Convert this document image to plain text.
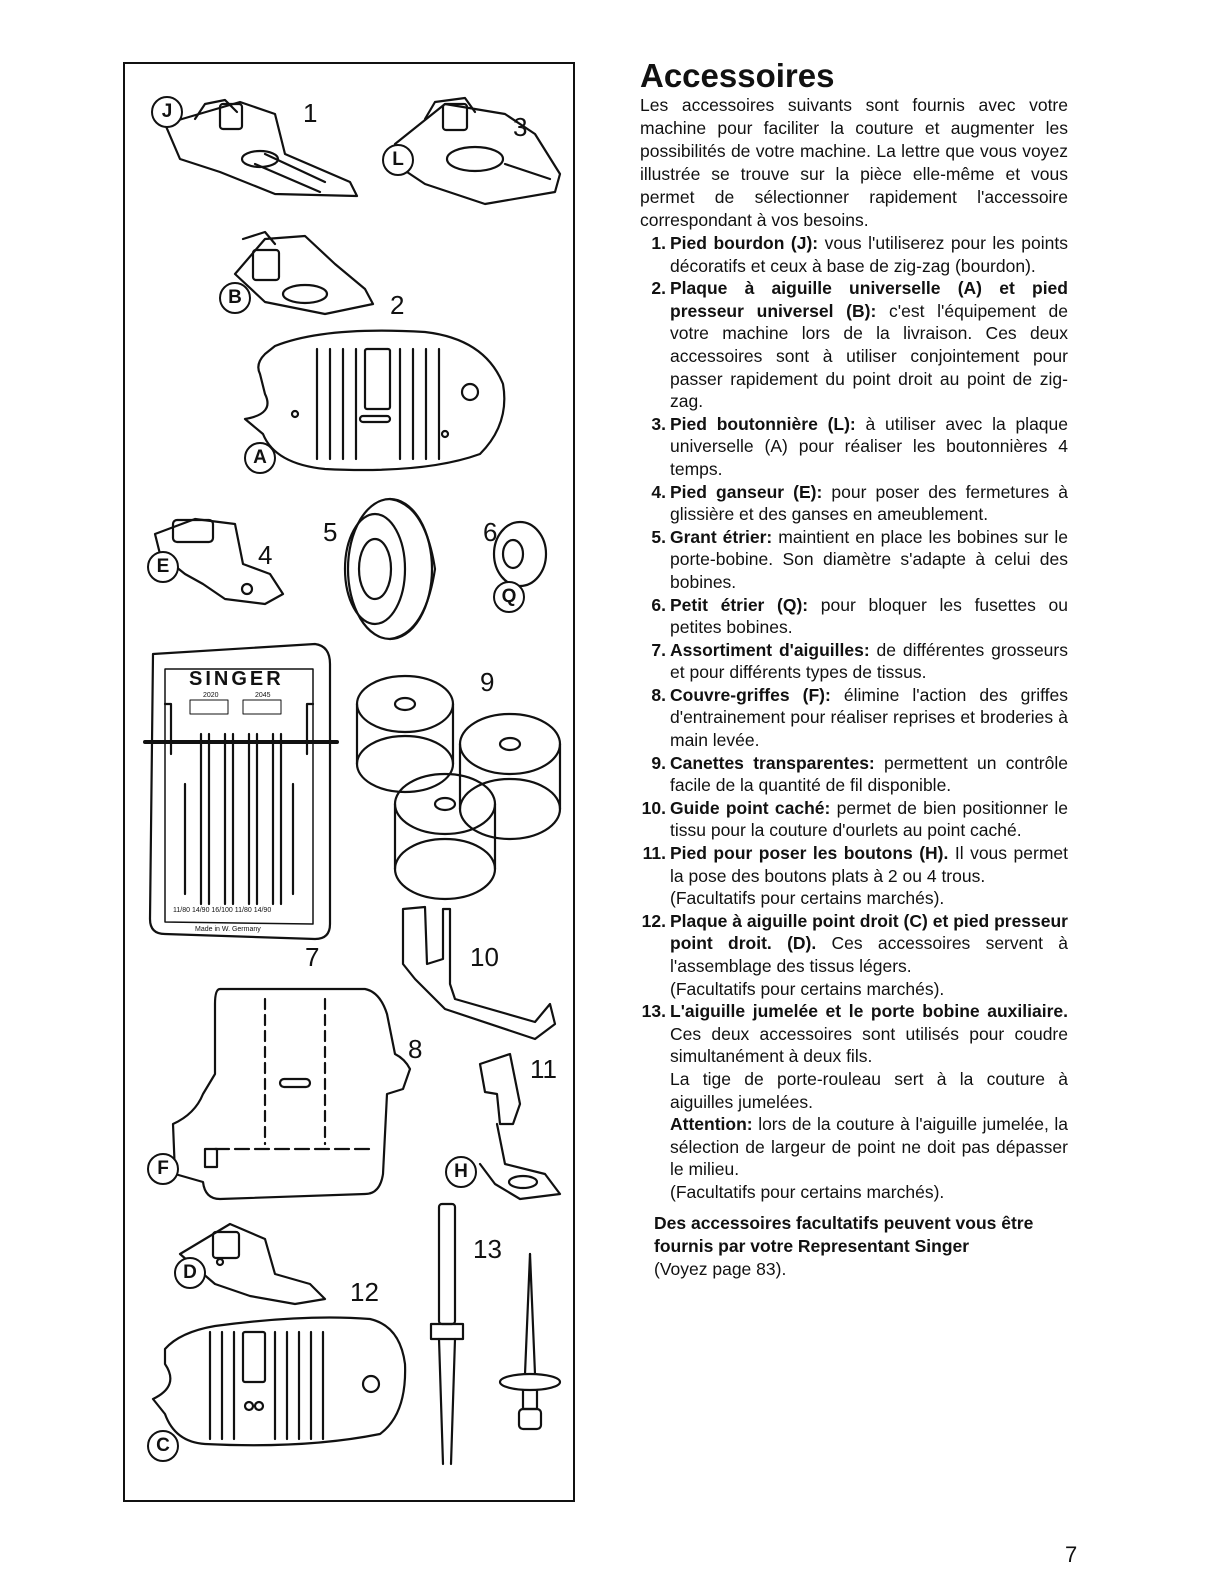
1	3
2
5	6
4
9
7	10
8
11
13
12
J
L
B
A
E
Q
F	H
D
C
SINGER
2020	2045
11/80 14/90 16/100 11/80 14/90
Made in W. Germany
Accessoires

Les accessoires suivants sont fournis avec votre machine pour faciliter la couture et augmenter les possibilités de votre machine. La lettre que vous voyez illustrée se trouve sur la pièce elle-même et vous permet de sélectionner rapidement l'accessoire correspondant à vos besoins.

1. Pied bourdon (J): vous l'utiliserez pour les points décoratifs et ceux à base de zig-zag (bourdon).

2. Plaque à aiguille universelle (A) et pied presseur universel (B): c'est l'équipement de votre machine lors de la livraison. Ces deux accessoires sont à utiliser conjointement pour passer rapidement du point droit au point de zig-zag.

3. Pied boutonnière (L): à utiliser avec la plaque universelle (A) pour réaliser les boutonnières 4 temps.

4. Pied ganseur (E): pour poser des fermetures à glissière et des ganses en ameublement.

5. Grant étrier: maintient en place les bobines sur le porte-bobine. Son diamètre s'adapte à celui des bobines.

6. Petit étrier (Q): pour bloquer les fusettes ou petites bobines.

7. Assortiment d'aiguilles: de différentes grosseurs et pour différents types de tissus.

8. Couvre-griffes (F): élimine l'action des griffes d'entrainement pour réaliser reprises et broderies à main levée.

9. Canettes transparentes: permettent un contrôle facile de la quantité de fil disponible.

10. Guide point caché: permet de bien positionner le tissu pour la couture d'ourlets au point caché.

11. Pied pour poser les boutons (H). Il vous permet la pose des boutons plats à 2 ou 4 trous.

(Facultatifs pour certains marchés).
12. Plaque à aiguille point droit (C) et pied presseur point droit. (D). Ces accessoires servent à l'assemblage des tissus légers.

(Facultatifs pour certains marchés).
13. L'aiguille jumelée et le porte bobine auxiliaire. Ces deux accessoires sont utilisés pour coudre simultanément à deux fils.

La tige de porte-rouleau sert à la couture à aiguilles jumelées.

Attention: lors de la couture à l'aiguille jumelée, la sélection de largeur de point ne doit pas dépasser le milieu.

(Facultatifs pour certains marchés).
Des accessoires facultatifs peuvent vous être fournis par votre Representant Singer
(Voyez page 83).
7
